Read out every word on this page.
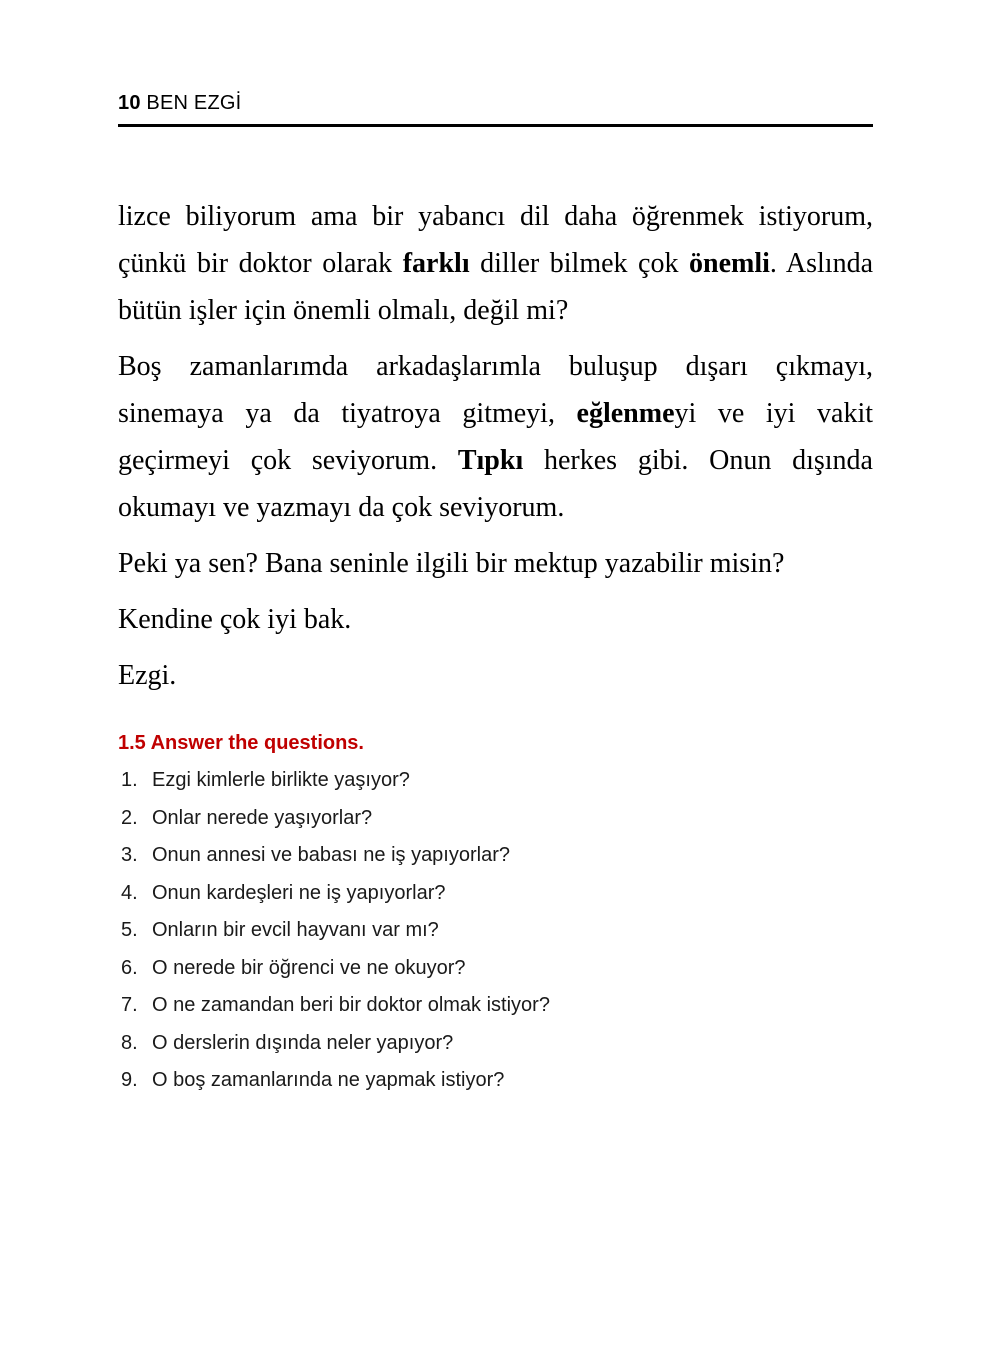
10 BEN EZGİ

lizce biliyorum ama bir yabancı dil daha öğrenmek istiyorum, çünkü bir doktor olarak farklı diller bilmek çok önemli. Aslında bütün işler için önemli olmalı, değil mi?

Boş zamanlarımda arkadaşlarımla buluşup dışarı çıkmayı, sinemaya ya da tiyatroya gitmeyi, eğlenmeyi ve iyi vakit geçirmeyi çok seviyorum. Tıpkı herkes gibi. Onun dışında okumayı ve yazmayı da çok seviyorum.

Peki ya sen? Bana seninle ilgili bir mektup yazabilir misin?

Kendine çok iyi bak.

Ezgi.

1.5 Answer the questions.
1. Ezgi kimlerle birlikte yaşıyor?
2. Onlar nerede yaşıyorlar?
3. Onun annesi ve babası ne iş yapıyorlar?
4. Onun kardeşleri ne iş yapıyorlar?
5. Onların bir evcil hayvanı var mı?
6. O nerede bir öğrenci ve ne okuyor?
7. O ne zamandan beri bir doktor olmak istiyor?
8. O derslerin dışında neler yapıyor?
9. O boş zamanlarında ne yapmak istiyor?
